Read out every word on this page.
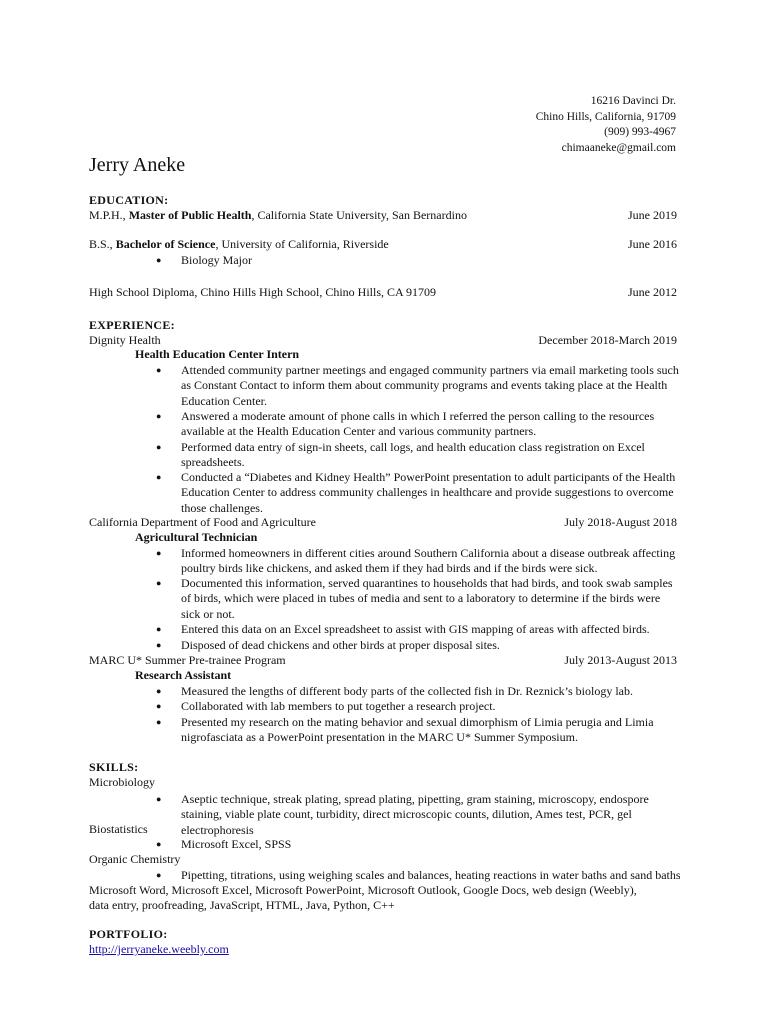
16216 Davinci Dr.
Chino Hills, California, 91709
(909) 993-4967
chimaaneke@gmail.com
Jerry Aneke
EDUCATION:
M.P.H., Master of Public Health, California State University, San Bernardino	June 2019
B.S., Bachelor of Science, University of California, Riverside	June 2016
● Biology Major
High School Diploma, Chino Hills High School, Chino Hills, CA 91709	June 2012
EXPERIENCE:
Dignity Health	December 2018-March 2019
Health Education Center Intern
● Attended community partner meetings and engaged community partners via email marketing tools such as Constant Contact to inform them about community programs and events taking place at the Health Education Center.
● Answered a moderate amount of phone calls in which I referred the person calling to the resources available at the Health Education Center and various community partners.
● Performed data entry of sign-in sheets, call logs, and health education class registration on Excel spreadsheets.
● Conducted a “Diabetes and Kidney Health” PowerPoint presentation to adult participants of the Health Education Center to address community challenges in healthcare and provide suggestions to overcome those challenges.
California Department of Food and Agriculture	July 2018-August 2018
Agricultural Technician
● Informed homeowners in different cities around Southern California about a disease outbreak affecting poultry birds like chickens, and asked them if they had birds and if the birds were sick.
● Documented this information, served quarantines to households that had birds, and took swab samples of birds, which were placed in tubes of media and sent to a laboratory to determine if the birds were sick or not.
● Entered this data on an Excel spreadsheet to assist with GIS mapping of areas with affected birds.
● Disposed of dead chickens and other birds at proper disposal sites.
MARC U* Summer Pre-trainee Program	July 2013-August 2013
Research Assistant
● Measured the lengths of different body parts of the collected fish in Dr. Reznick’s biology lab.
● Collaborated with lab members to put together a research project.
● Presented my research on the mating behavior and sexual dimorphism of Limia perugia and Limia nigrofasciata as a PowerPoint presentation in the MARC U* Summer Symposium.
SKILLS:
Microbiology
● Aseptic technique, streak plating, spread plating, pipetting, gram staining, microscopy, endospore staining, viable plate count, turbidity, direct microscopic counts, dilution, Ames test, PCR, gel electrophoresis
Biostatistics
● Microsoft Excel, SPSS
Organic Chemistry
● Pipetting, titrations, using weighing scales and balances, heating reactions in water baths and sand baths
Microsoft Word, Microsoft Excel, Microsoft PowerPoint, Microsoft Outlook, Google Docs, web design (Weebly),
data entry, proofreading, JavaScript, HTML, Java, Python, C++
PORTFOLIO:
http://jerryaneke.weebly.com
